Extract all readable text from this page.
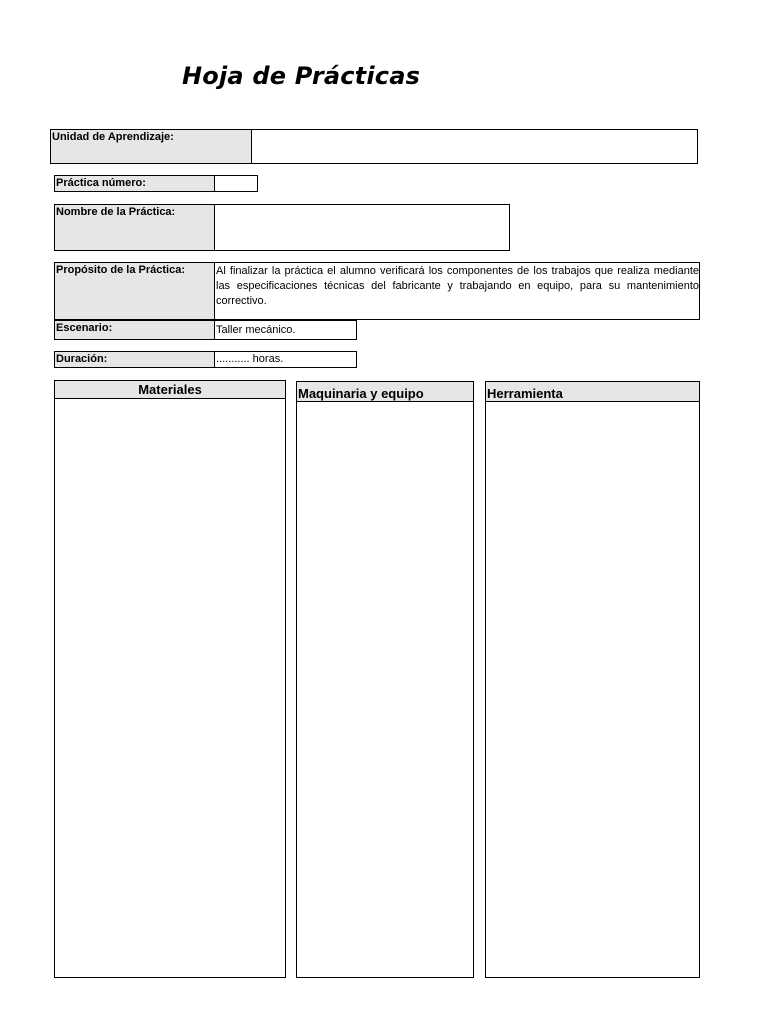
Hoja de Prácticas
Unidad de Aprendizaje:
Práctica número:
Nombre de la Práctica:
Propósito de la Práctica:	Al finalizar la práctica el alumno verificará los componentes de los trabajos que realiza mediante las especificaciones técnicas del fabricante y trabajando en equipo, para su mantenimiento correctivo.
Escenario:	Taller mecánico.
Duración:	........... horas.
Materiales	Maquinaria y equipo	Herramienta
